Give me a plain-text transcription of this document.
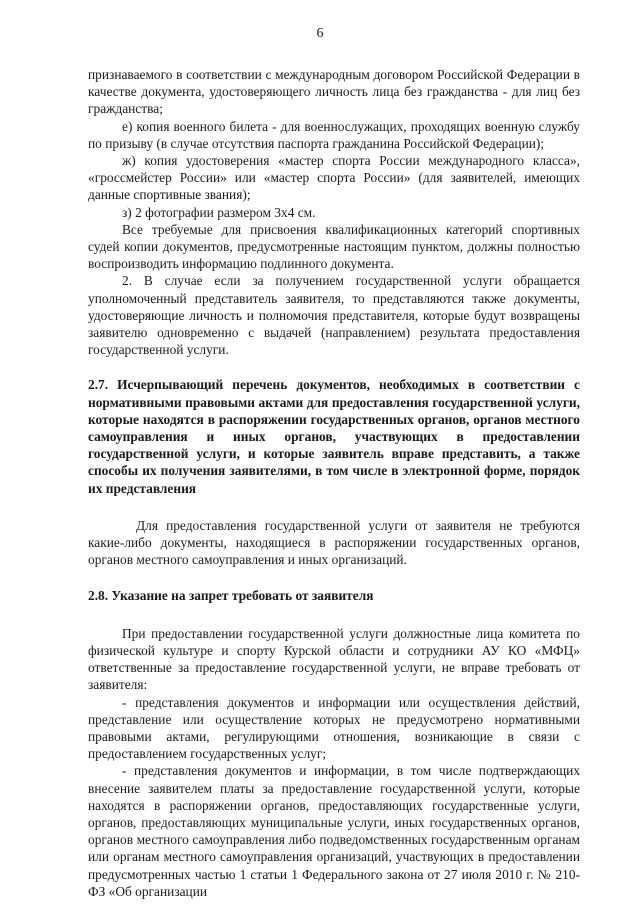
6

признаваемого в соответствии с международным договором Российской Федерации в качестве документа, удостоверяющего личность лица без гражданства - для лиц без гражданства;

е) копия военного билета - для военнослужащих, проходящих военную службу по призыву (в случае отсутствия паспорта гражданина Российской Федерации);

ж) копия удостоверения «мастер спорта России международного класса», «гроссмейстер России» или «мастер спорта России» (для заявителей, имеющих данные спортивные звания);

з) 2 фотографии размером 3х4 см.

Все требуемые для присвоения квалификационных категорий спортивных судей копии документов, предусмотренные настоящим пунктом, должны полностью воспроизводить информацию подлинного документа.

2. В случае если за получением государственной услуги обращается уполномоченный представитель заявителя, то представляются также документы, удостоверяющие личность и полномочия представителя, которые будут возвращены заявителю одновременно с выдачей (направлением) результата предоставления государственной услуги.

2.7. Исчерпывающий перечень документов, необходимых в соответствии с нормативными правовыми актами для предоставления государственной услуги, которые находятся в распоряжении государственных органов, органов местного самоуправления и иных органов, участвующих в предоставлении государственной услуги, и которые заявитель вправе представить, а также способы их получения заявителями, в том числе в электронной форме, порядок их представления

Для предоставления государственной услуги от заявителя не требуются какие-либо документы, находящиеся в распоряжении государственных органов, органов местного самоуправления и иных организаций.

2.8. Указание на запрет требовать от заявителя

При предоставлении государственной услуги должностные лица комитета по физической культуре и спорту Курской области и сотрудники АУ КО «МФЦ» ответственные за предоставление государственной услуги, не вправе требовать от заявителя:

- представления документов и информации или осуществления действий, представление или осуществление которых не предусмотрено нормативными правовыми актами, регулирующими отношения, возникающие в связи с предоставлением государственных услуг;

- представления документов и информации, в том числе подтверждающих внесение заявителем платы за предоставление государственной услуги, которые находятся в распоряжении органов, предоставляющих государственные услуги, органов, предоставляющих муниципальные услуги, иных государственных органов, органов местного самоуправления либо подведомственных государственным органам или органам местного самоуправления организаций, участвующих в предоставлении предусмотренных частью 1 статьи 1 Федерального закона от 27 июля 2010 г. № 210-ФЗ «Об организации
